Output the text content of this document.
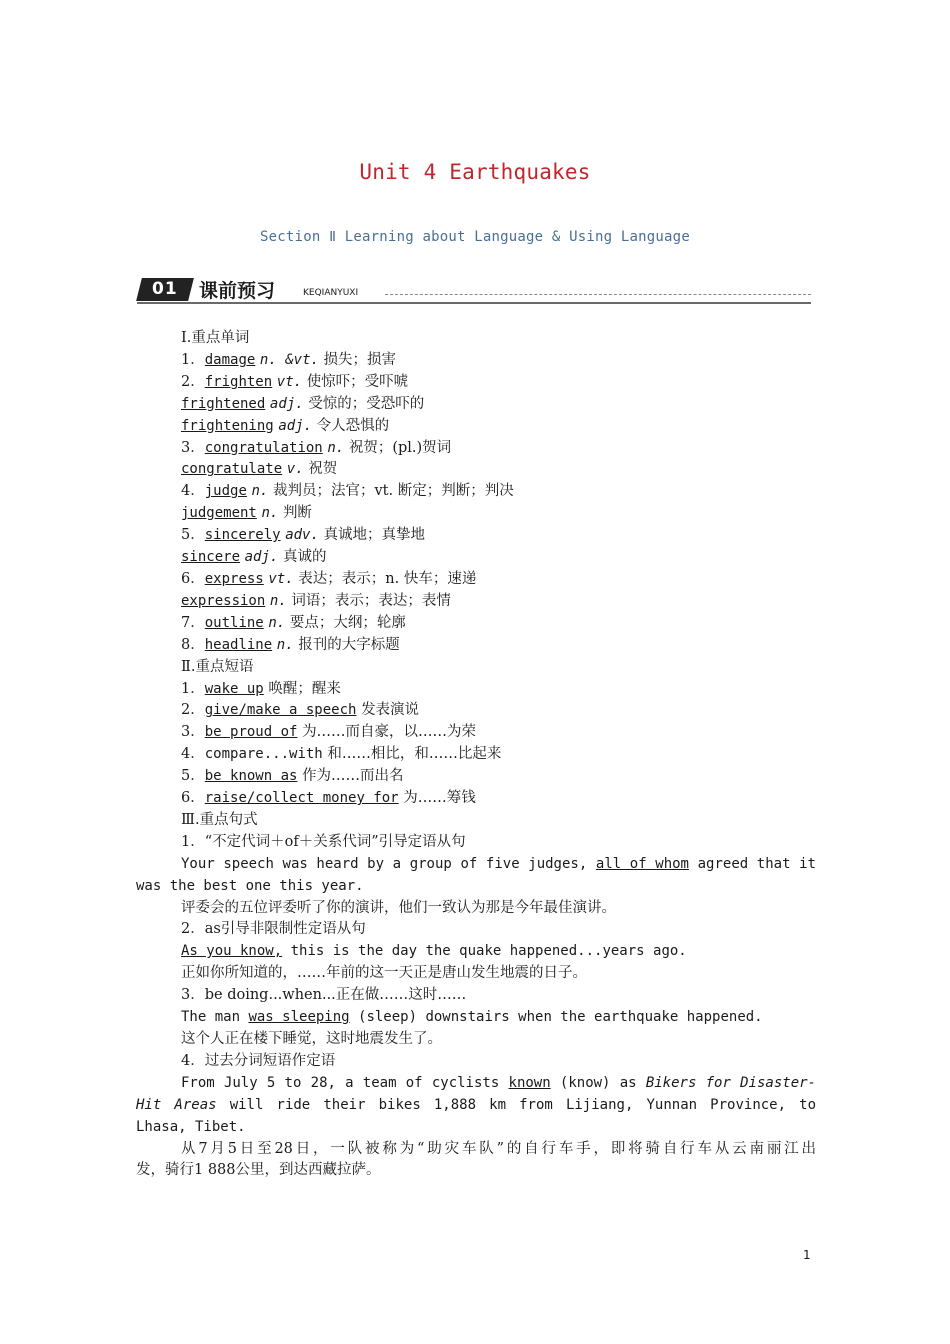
Unit 4 Earthquakes
Section Ⅱ Learning about Language & Using Language
01	课前预习	KEQIANYUXI
Ⅰ.重点单词
1．damage n. &vt. 损失；损害
2．frighten vt. 使惊吓；受吓唬
frightened adj. 受惊的；受恐吓的
frightening adj. 令人恐惧的
3．congratulation n. 祝贺；(pl.)贺词
congratulate v. 祝贺
4．judge n. 裁判员；法官；vt. 断定；判断；判决
judgement n. 判断
5．sincerely adv. 真诚地；真挚地
sincere adj. 真诚的
6．express vt. 表达；表示；n. 快车；速递
expression n. 词语；表示；表达；表情
7．outline n. 要点；大纲；轮廓
8．headline n. 报刊的大字标题
Ⅱ.重点短语
1．wake up 唤醒；醒来
2．give/make a speech 发表演说
3．be proud of 为……而自豪，以……为荣
4．compare...with 和……相比，和……比起来
5．be known as 作为……而出名
6．raise/collect money for 为……筹钱
Ⅲ.重点句式
1．“不定代词＋of＋关系代词”引导定语从句
Your speech was heard by a group of five judges, all of whom agreed that it
was the best one this year.
评委会的五位评委听了你的演讲，他们一致认为那是今年最佳演讲。
2．as引导非限制性定语从句
As you know, this is the day the quake happened...years ago.
正如你所知道的，……年前的这一天正是唐山发生地震的日子。
3．be doing...when...正在做……这时……
The man was sleeping (sleep) downstairs when the earthquake happened.
这个人正在楼下睡觉，这时地震发生了。
4．过去分词短语作定语
From July 5 to 28, a team of cyclists known (know) as Bikers for Disaster-
Hit Areas will ride their bikes 1,888 km from Lijiang, Yunnan Province, to
Lhasa, Tibet.
从7月5日至28日，一队被称为“助灾车队”的自行车手，即将骑自行车从云南丽江出
发，骑行1 888公里，到达西藏拉萨。
1
